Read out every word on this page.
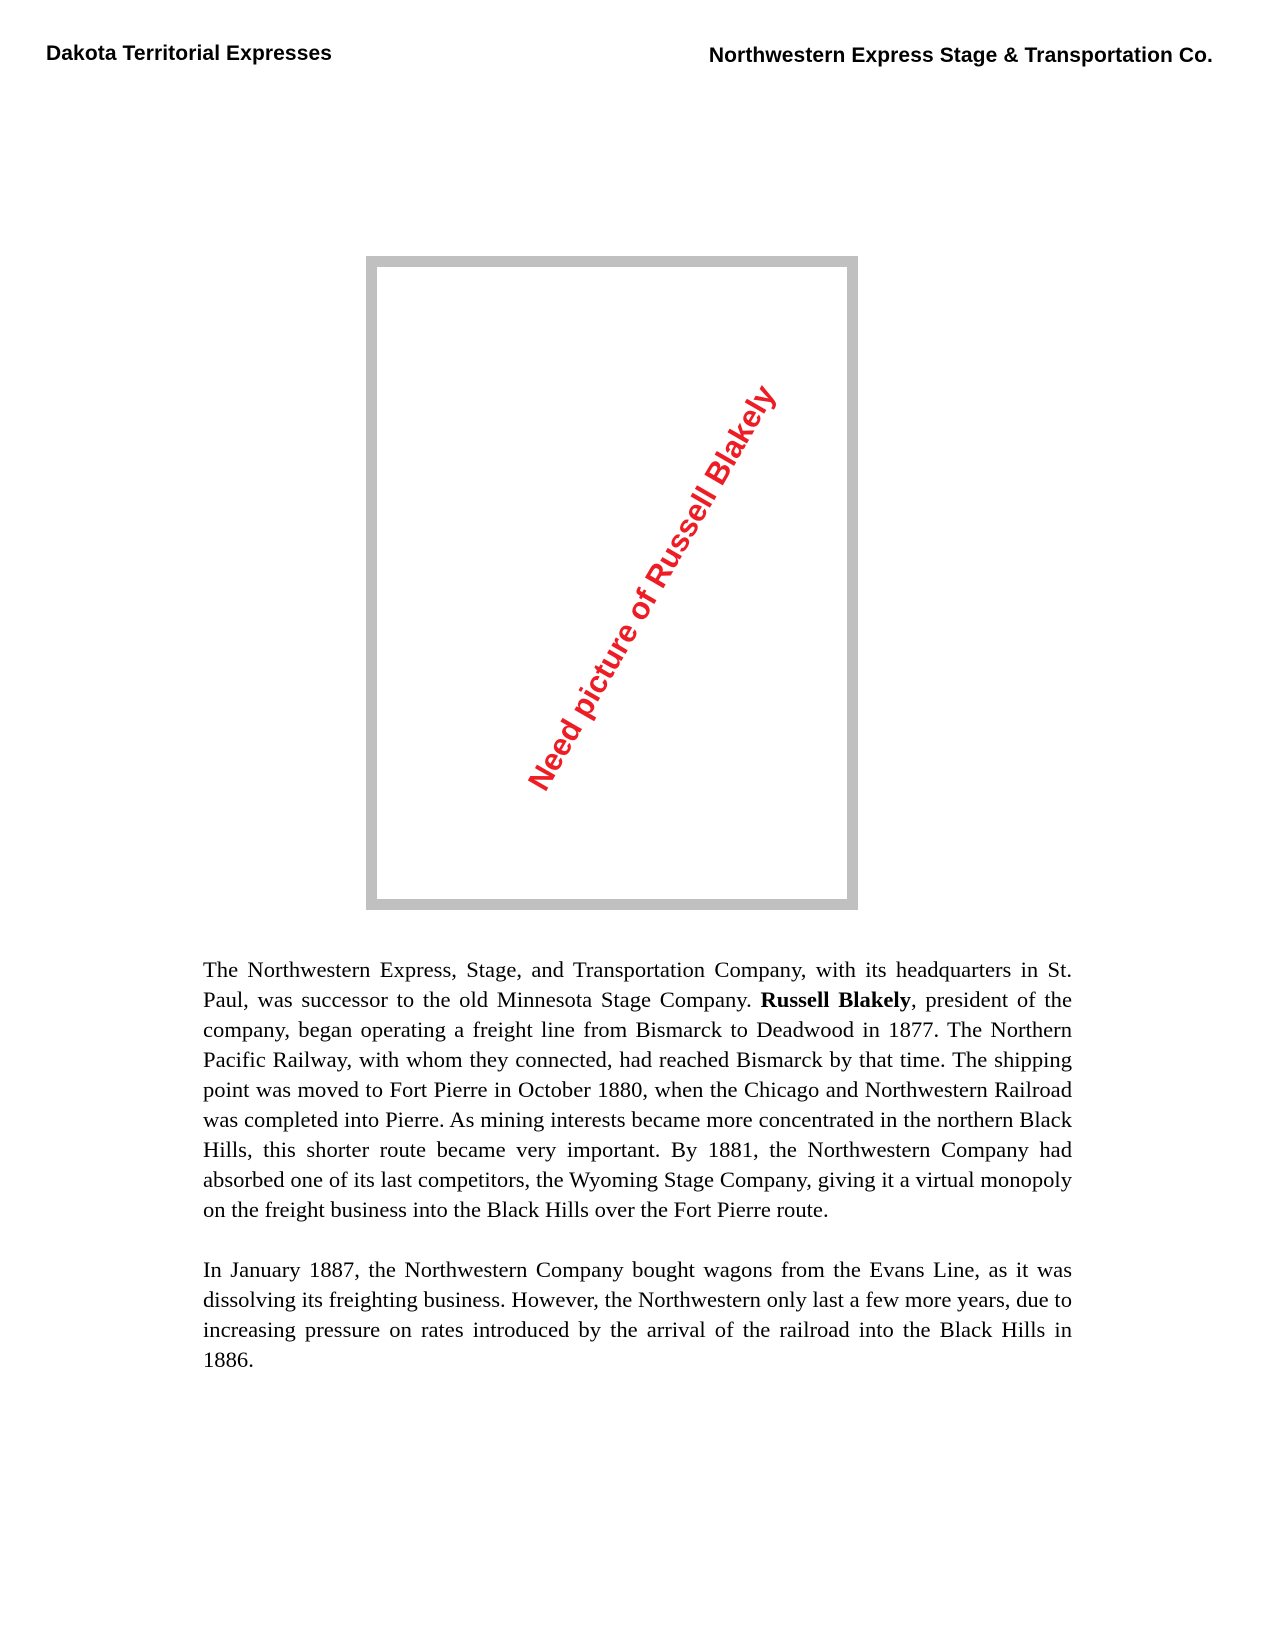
Dakota Territorial Expresses	Northwestern Express Stage & Transportation Co.
Need picture of Russell Blakely

The Northwestern Express, Stage, and Transportation Company, with its headquarters in St. Paul, was successor to the old Minnesota Stage Company. Russell Blakely, president of the company, began operating a freight line from Bismarck to Deadwood in 1877. The Northern Pacific Railway, with whom they connected, had reached Bismarck by that time. The shipping point was moved to Fort Pierre in October 1880, when the Chicago and Northwestern Railroad was completed into Pierre. As mining interests became more concentrated in the northern Black Hills, this shorter route became very important. By 1881, the Northwestern Company had absorbed one of its last competitors, the Wyoming Stage Company, giving it a virtual monopoly on the freight business into the Black Hills over the Fort Pierre route.

In January 1887, the Northwestern Company bought wagons from the Evans Line, as it was dissolving its freighting business. However, the Northwestern only last a few more years, due to increasing pressure on rates introduced by the arrival of the railroad into the Black Hills in 1886.
